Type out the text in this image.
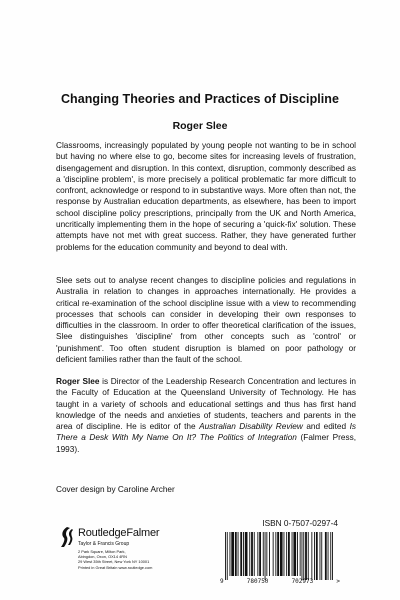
Changing Theories and Practices of Discipline
Roger Slee

Classrooms, increasingly populated by young people not wanting to be in school but having no where else to go, become sites for increasing levels of frustration, disengagement and disruption. In this context, disruption, commonly described as a 'discipline problem', is more precisely a political problematic far more difficult to confront, acknowledge or respond to in substantive ways. More often than not, the response by Australian education departments, as elsewhere, has been to import school discipline policy prescriptions, principally from the UK and North America, uncritically implementing them in the hope of securing a 'quick-fix' solution. These attempts have not met with great success. Rather, they have generated further problems for the education community and beyond to deal with.

Slee sets out to analyse recent changes to discipline policies and regulations in Australia in relation to changes in approaches internationally. He provides a critical re-examination of the school discipline issue with a view to recommending processes that schools can consider in developing their own responses to difficulties in the classroom. In order to offer theoretical clarification of the issues, Slee distinguishes 'discipline' from other concepts such as 'control' or 'punishment'. Too often student disruption is blamed on poor pathology or deficient families rather than the fault of the school.

Roger Slee is Director of the Leadership Research Concentration and lectures in the Faculty of Education at the Queensland University of Technology. He has taught in a variety of schools and educational settings and thus has first hand knowledge of the needs and anxieties of students, teachers and parents in the area of discipline. He is editor of the Australian Disability Review and edited Is There a Desk With My Name On It? The Politics of Integration (Falmer Press, 1993).

Cover design by Caroline Archer
ISBN 0-7507-0297-4
RoutledgeFalmer
Taylor & Francis Group
2 Park Square, Milton Park,
Abingdon, Oxon, OX14 4RN
29 West 35th Street, New York NY 10001
Printed in Great Britain www.routledge.com
9	780750	702973	>
